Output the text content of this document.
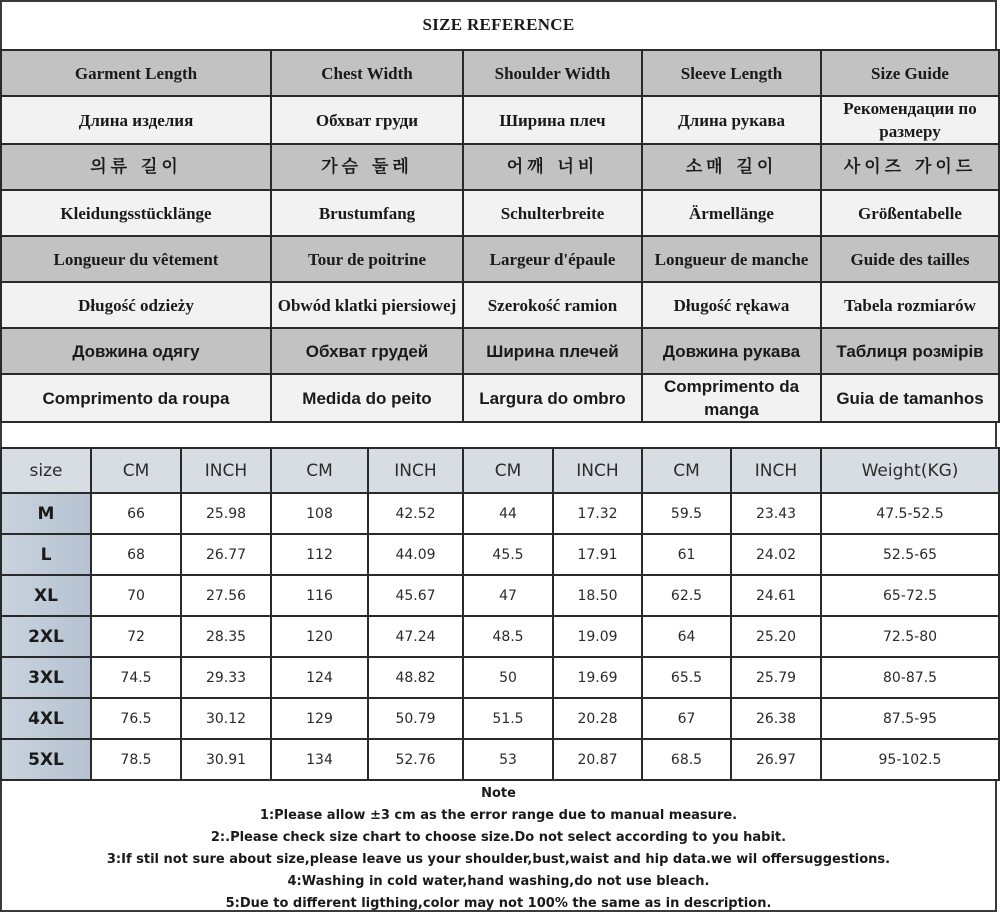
SIZE REFERENCE
Garment Length	Chest Width	Shoulder Width	Sleeve Length	Size Guide
Длина изделия	Обхват груди	Ширина плеч	Длина рукава	Рекомендации по размеру
의류 길이	가슴 둘레	어깨 너비	소매 길이	사이즈 가이드
Kleidungsstücklänge	Brustumfang	Schulterbreite	Ärmellänge	Größentabelle
Longueur du vêtement	Tour de poitrine	Largeur d'épaule	Longueur de manche	Guide des tailles
Długość odzieży	Obwód klatki piersiowej	Szerokość ramion	Długość rękawa	Tabela rozmiarów
Довжина одягу	Обхват грудей	Ширина плечей	Довжина рукава	Таблиця розмірів
Comprimento da roupa	Medida do peito	Largura do ombro	Comprimento da manga	Guia de tamanhos
size	CM	INCH	CM	INCH	CM	INCH	CM	INCH	Weight(KG)
M	66	25.98	108	42.52	44	17.32	59.5	23.43	47.5-52.5
L	68	26.77	112	44.09	45.5	17.91	61	24.02	52.5-65
XL	70	27.56	116	45.67	47	18.50	62.5	24.61	65-72.5
2XL	72	28.35	120	47.24	48.5	19.09	64	25.20	72.5-80
3XL	74.5	29.33	124	48.82	50	19.69	65.5	25.79	80-87.5
4XL	76.5	30.12	129	50.79	51.5	20.28	67	26.38	87.5-95
5XL	78.5	30.91	134	52.76	53	20.87	68.5	26.97	95-102.5
Note
1:Please allow ±3 cm as the error range due to manual measure.
2:.Please check size chart to choose size.Do not select according to you habit.
3:If stil not sure about size,please leave us your shoulder,bust,waist and hip data.we wil offersuggestions.
4:Washing in cold water,hand washing,do not use bleach.
5:Due to different ligthing,color may not 100% the same as in description.
